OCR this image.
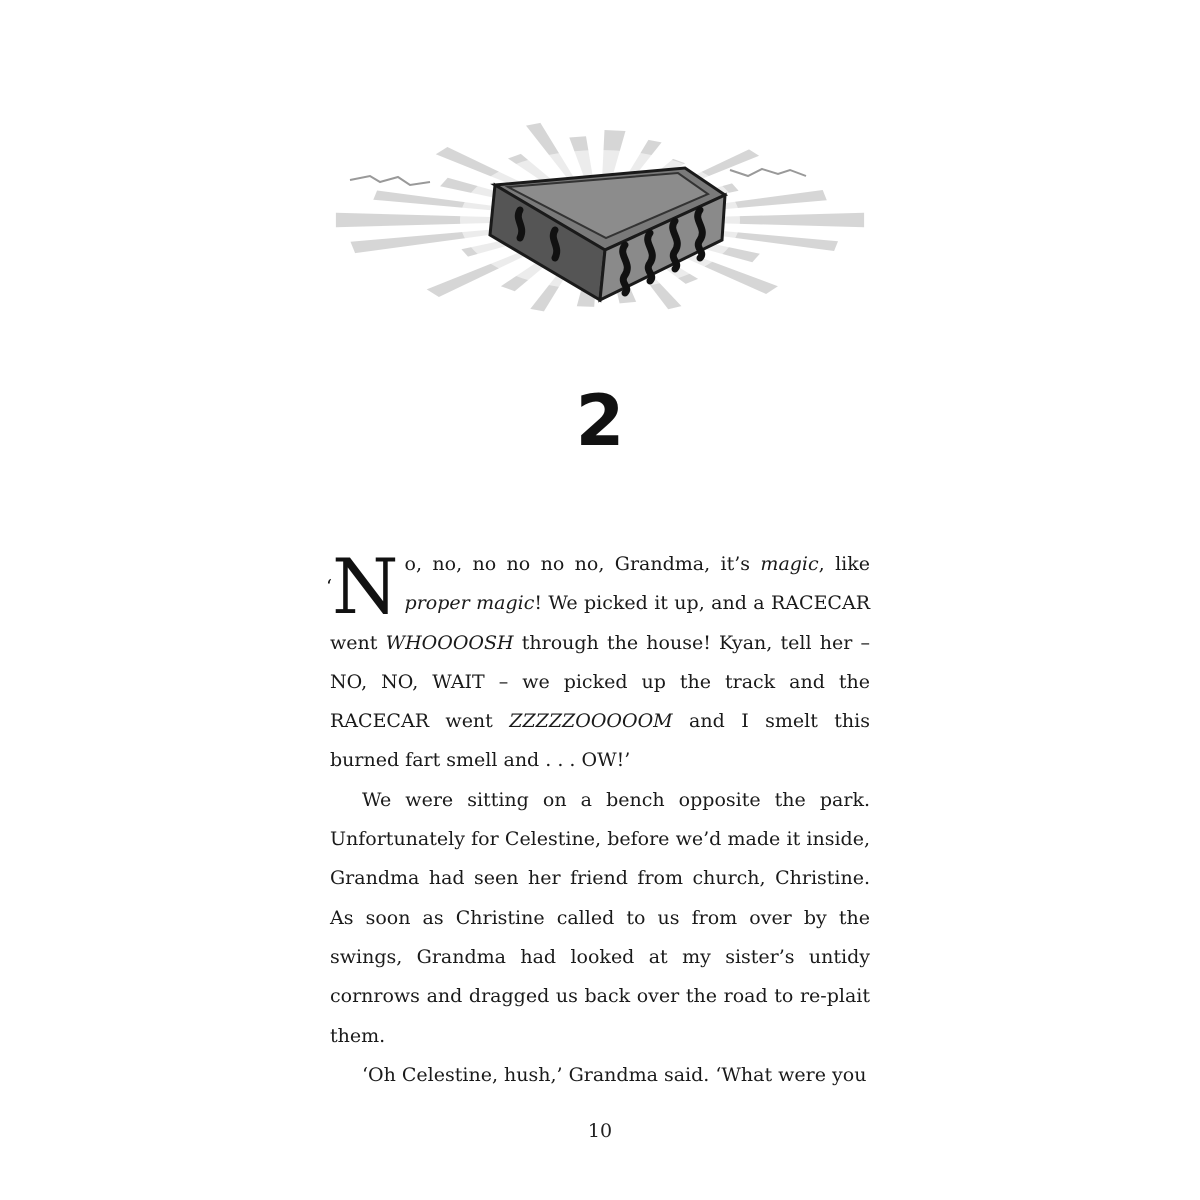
2

‘N o, no, no no no no, Grandma, it’s magic, like proper magic! We picked it up, and a RACECAR went WHOOOOSH through the house! Kyan, tell her – NO, NO, WAIT – we picked up the track and the RACECAR went ZZZZZOOOOOM and I smelt this burned fart smell and . . . OW!’

We were sitting on a bench opposite the park. Unfortunately for Celestine, before we’d made it inside, Grandma had seen her friend from church, Christine. As soon as Christine called to us from over by the swings, Grandma had looked at my sister’s untidy cornrows and dragged us back over the road to re-plait them.

‘Oh Celestine, hush,’ Grandma said. ‘What were you

10
